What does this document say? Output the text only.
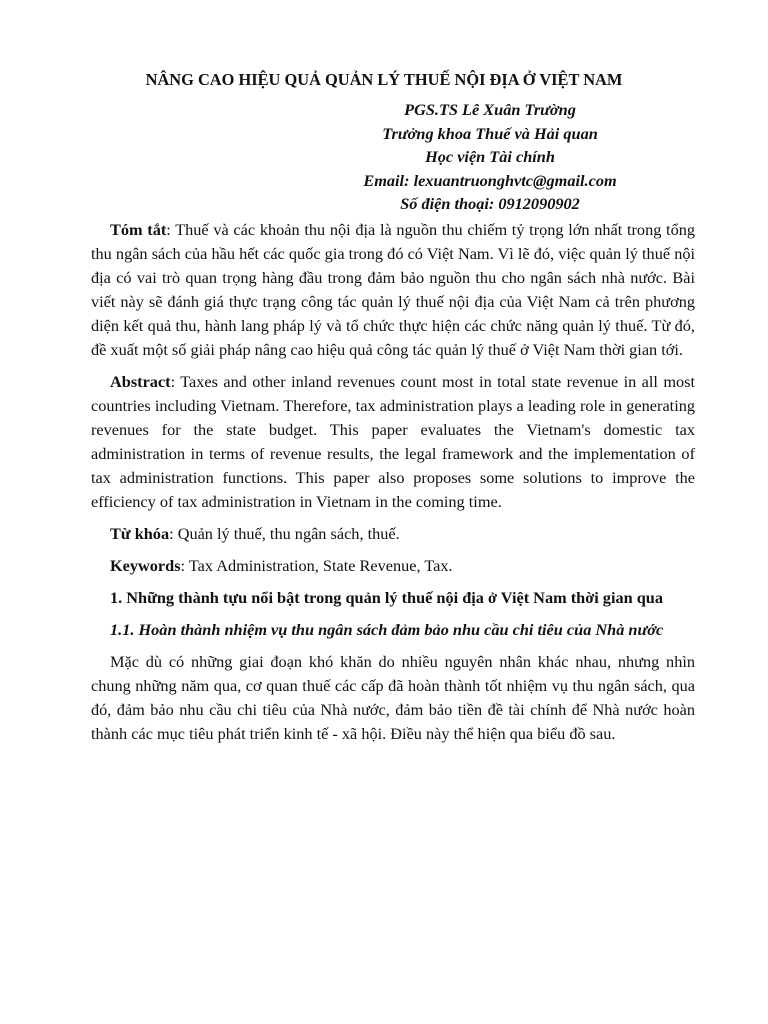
NÂNG CAO HIỆU QUẢ QUẢN LÝ THUẾ NỘI ĐỊA Ở VIỆT NAM
PGS.TS Lê Xuân Trường
Trưởng khoa Thuế và Hải quan
Học viện Tài chính
Email: lexuantruonghvtc@gmail.com
Số điện thoại: 0912090902

Tóm tắt: Thuế và các khoản thu nội địa là nguồn thu chiếm tỷ trọng lớn nhất trong tổng thu ngân sách của hầu hết các quốc gia trong đó có Việt Nam. Vì lẽ đó, việc quản lý thuế nội địa có vai trò quan trọng hàng đầu trong đảm bảo nguồn thu cho ngân sách nhà nước. Bài viết này sẽ đánh giá thực trạng công tác quản lý thuế nội địa của Việt Nam cả trên phương diện kết quả thu, hành lang pháp lý và tổ chức thực hiện các chức năng quản lý thuế. Từ đó, đề xuất một số giải pháp nâng cao hiệu quả công tác quản lý thuế ở Việt Nam thời gian tới.

Abstract: Taxes and other inland revenues count most in total state revenue in all most countries including Vietnam. Therefore, tax administration plays a leading role in generating revenues for the state budget. This paper evaluates the Vietnam's domestic tax administration in terms of revenue results, the legal framework and the implementation of tax administration functions. This paper also proposes some solutions to improve the efficiency of tax administration in Vietnam in the coming time.

Từ khóa: Quản lý thuế, thu ngân sách, thuế.

Keywords: Tax Administration, State Revenue, Tax.

1. Những thành tựu nổi bật trong quản lý thuế nội địa ở Việt Nam thời gian qua

1.1. Hoàn thành nhiệm vụ thu ngân sách đảm bảo nhu cầu chi tiêu của Nhà nước

Mặc dù có những giai đoạn khó khăn do nhiều nguyên nhân khác nhau, nhưng nhìn chung những năm qua, cơ quan thuế các cấp đã hoàn thành tốt nhiệm vụ thu ngân sách, qua đó, đảm bảo nhu cầu chi tiêu của Nhà nước, đảm bảo tiền đề tài chính để Nhà nước hoàn thành các mục tiêu phát triển kinh tế - xã hội. Điều này thể hiện qua biểu đồ sau.
